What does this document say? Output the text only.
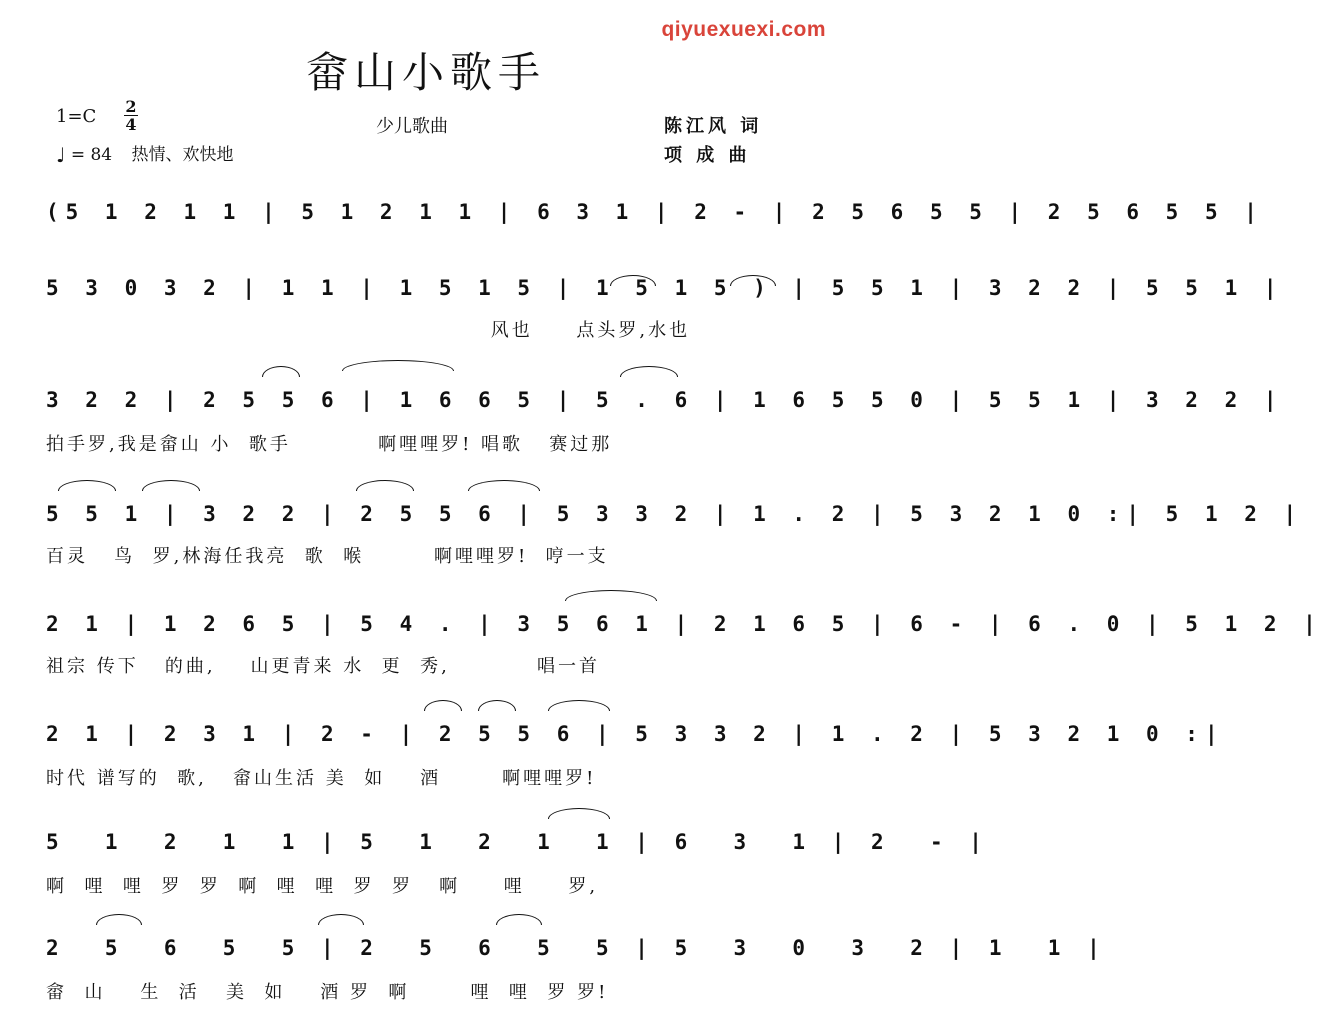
qiyuexuexi.com
畲山小歌手
少儿歌曲
1=C 2
4
♩ = 84 热情、欢快地
陈江风 词
项 成 曲
(5 1 2 1 1 | 5 1 2 1 1 | 6 3 1 | 2 - | 2 5 6 5 5 | 2 5 6 5 5 |
5 3 0 3 2 | 1 1 | 1 5 1 5 | 1 5 1 5 ) | 5 5 1 | 3 2 2 | 5 5 1 |
风也     点头罗,水也
3 2 2 | 2 5 5 6 | 1 6 6 5 | 5 . 6 | 1 6 5 5 0 | 5 5 1 | 3 2 2 |
拍手罗,我是畲山 小  歌手          啊哩哩罗! 唱歌   赛过那
5 5 1 | 3 2 2 | 2 5 5 6 | 5 3 3 2 | 1 . 2 | 5 3 2 1 0 :| 5 1 2 |
百灵   鸟  罗,林海任我亮  歌  喉        啊哩哩罗!  哼一支
2 1 | 1 2 6 5 | 5 4 . | 3 5 6 1 | 2 1 6 5 | 6 - | 6 . 0 | 5 1 2 |
祖宗 传下   的曲,    山更青来 水  更  秀,          唱一首
2 1 | 2 3 1 | 2 - | 2 5 5 6 | 5 3 3 2 | 1 . 2 | 5 3 2 1 0 :|
时代 谱写的  歌,   畲山生活 美  如    酒       啊哩哩罗!
5  1  2  1  1 | 5  1  2  1  1 | 6  3  1 | 2  - |
啊  哩  哩  罗  罗  啊  哩  哩  罗  罗   啊     哩     罗,
2  5  6  5  5 | 2  5  6  5  5 | 5  3  0  3  2 | 1  1 |
畲  山    生  活   美  如    酒 罗  啊       哩  哩  罗 罗!
